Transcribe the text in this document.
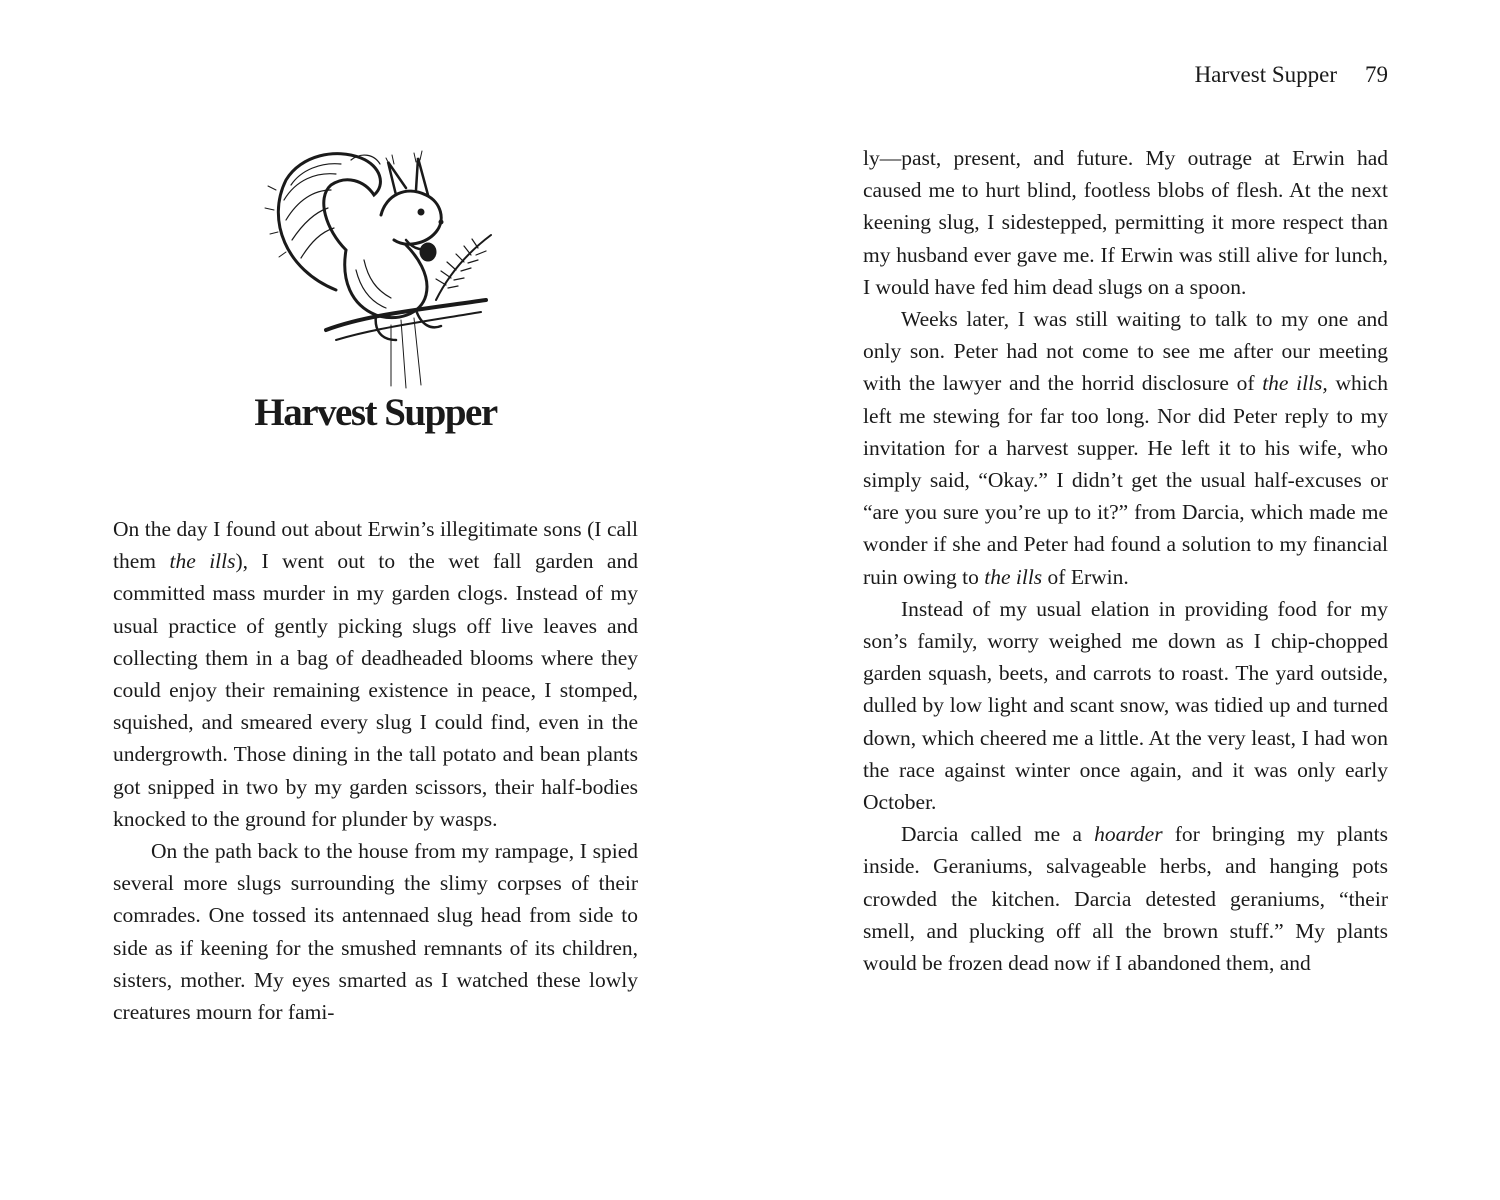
Harvest Supper 79
Harvest Supper

On the day I found out about Erwin’s illegitimate sons (I call them the ills), I went out to the wet fall garden and committed mass murder in my garden clogs. Instead of my usual practice of gently picking slugs off live leaves and collecting them in a bag of deadheaded blooms where they could enjoy their remaining existence in peace, I stomped, squished, and smeared every slug I could find, even in the undergrowth. Those dining in the tall potato and bean plants got snipped in two by my garden scissors, their half-bodies knocked to the ground for plunder by wasps.

On the path back to the house from my rampage, I spied several more slugs surrounding the slimy corpses of their comrades. One tossed its antennaed slug head from side to side as if keening for the smushed remnants of its children, sisters, mother. My eyes smarted as I watched these lowly creatures mourn for fami-

ly—past, present, and future. My outrage at Erwin had caused me to hurt blind, footless blobs of flesh. At the next keening slug, I sidestepped, permitting it more respect than my husband ever gave me. If Erwin was still alive for lunch, I would have fed him dead slugs on a spoon.

Weeks later, I was still waiting to talk to my one and only son. Peter had not come to see me after our meeting with the lawyer and the horrid disclosure of the ills, which left me stewing for far too long. Nor did Peter reply to my invitation for a harvest supper. He left it to his wife, who simply said, “Okay.” I didn’t get the usual half-excuses or “are you sure you’re up to it?” from Darcia, which made me wonder if she and Peter had found a solution to my financial ruin owing to the ills of Erwin.

Instead of my usual elation in providing food for my son’s family, worry weighed me down as I chip-chopped garden squash, beets, and carrots to roast. The yard outside, dulled by low light and scant snow, was tidied up and turned down, which cheered me a little. At the very least, I had won the race against winter once again, and it was only early October.

Darcia called me a hoarder for bringing my plants inside. Geraniums, salvageable herbs, and hanging pots crowded the kitchen. Darcia detested geraniums, “their smell, and plucking off all the brown stuff.” My plants would be frozen dead now if I abandoned them, and
